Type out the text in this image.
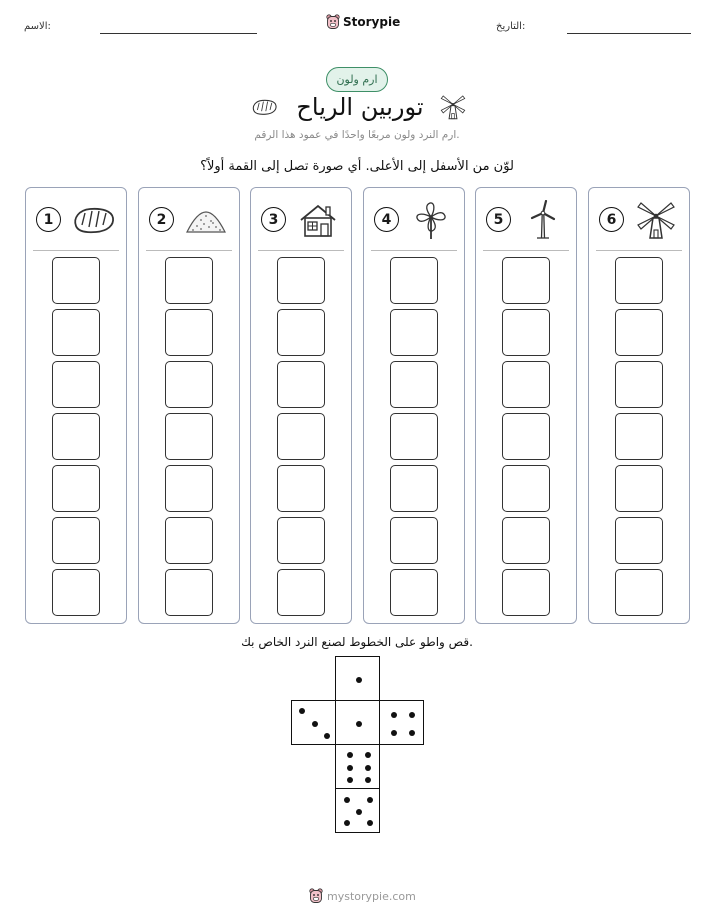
الاسم:	Storypie	التاريخ:
ارم ولون
توربين الرياح
ارم النرد ولون مربعًا واحدًا في عمود هذا الرقم.
لوّن من الأسفل إلى الأعلى. أي صورة تصل إلى القمة أولاً؟
1	2	3	4	5	6
قص واطو على الخطوط لصنع النرد الخاص بك.
mystorypie.com
